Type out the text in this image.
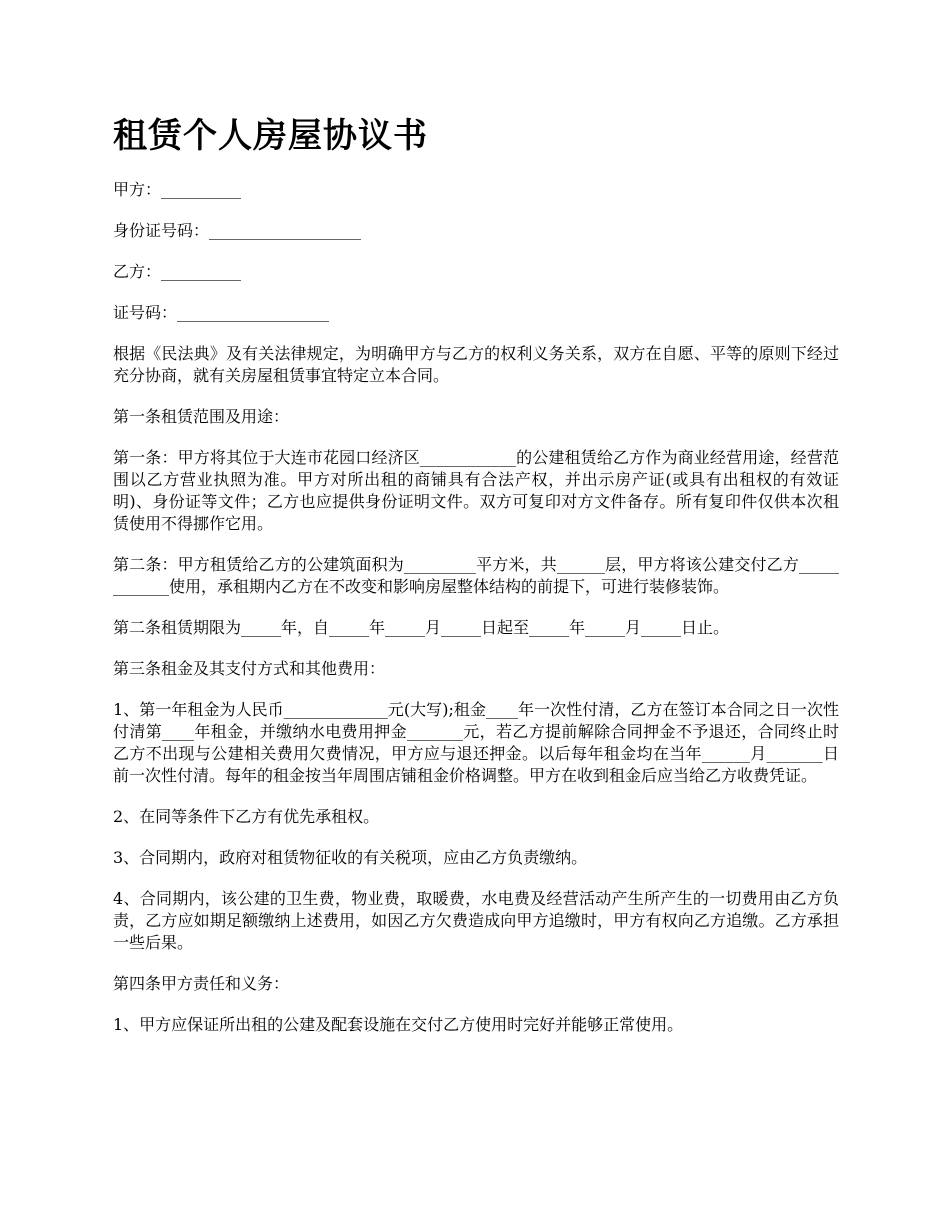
租赁个人房屋协议书

甲方：__________

身份证号码：___________________

乙方：__________

证号码：___________________

根据《民法典》及有关法律规定，为明确甲方与乙方的权利义务关系，双方在自愿、平等的原则下经过充分协商，就有关房屋租赁事宜特定立本合同。

第一条租赁范围及用途：

第一条：甲方将其位于大连市花园口经济区____________的公建租赁给乙方作为商业经营用途，经营范围以乙方营业执照为准。甲方对所出租的商铺具有合法产权，并出示房产证(或具有出租权的有效证明)、身份证等文件；乙方也应提供身份证明文件。双方可复印对方文件备存。所有复印件仅供本次租赁使用不得挪作它用。

第二条：甲方租赁给乙方的公建筑面积为_________平方米，共______层，甲方将该公建交付乙方____________使用，承租期内乙方在不改变和影响房屋整体结构的前提下，可进行装修装饰。

第二条租赁期限为_____年，自_____年_____月_____日起至_____年_____月_____日止。

第三条租金及其支付方式和其他费用：

1、第一年租金为人民币_____________元(大写);租金____年一次性付清，乙方在签订本合同之日一次性付清第____年租金，并缴纳水电费用押金_______元，若乙方提前解除合同押金不予退还，合同终止时乙方不出现与公建相关费用欠费情况，甲方应与退还押金。以后每年租金均在当年______月_______日前一次性付清。每年的租金按当年周围店铺租金价格调整。甲方在收到租金后应当给乙方收费凭证。

2、在同等条件下乙方有优先承租权。

3、合同期内，政府对租赁物征收的有关税项，应由乙方负责缴纳。

4、合同期内，该公建的卫生费，物业费，取暖费，水电费及经营活动产生所产生的一切费用由乙方负责，乙方应如期足额缴纳上述费用，如因乙方欠费造成向甲方追缴时，甲方有权向乙方追缴。乙方承担一些后果。

第四条甲方责任和义务：

1、甲方应保证所出租的公建及配套设施在交付乙方使用时完好并能够正常使用。
